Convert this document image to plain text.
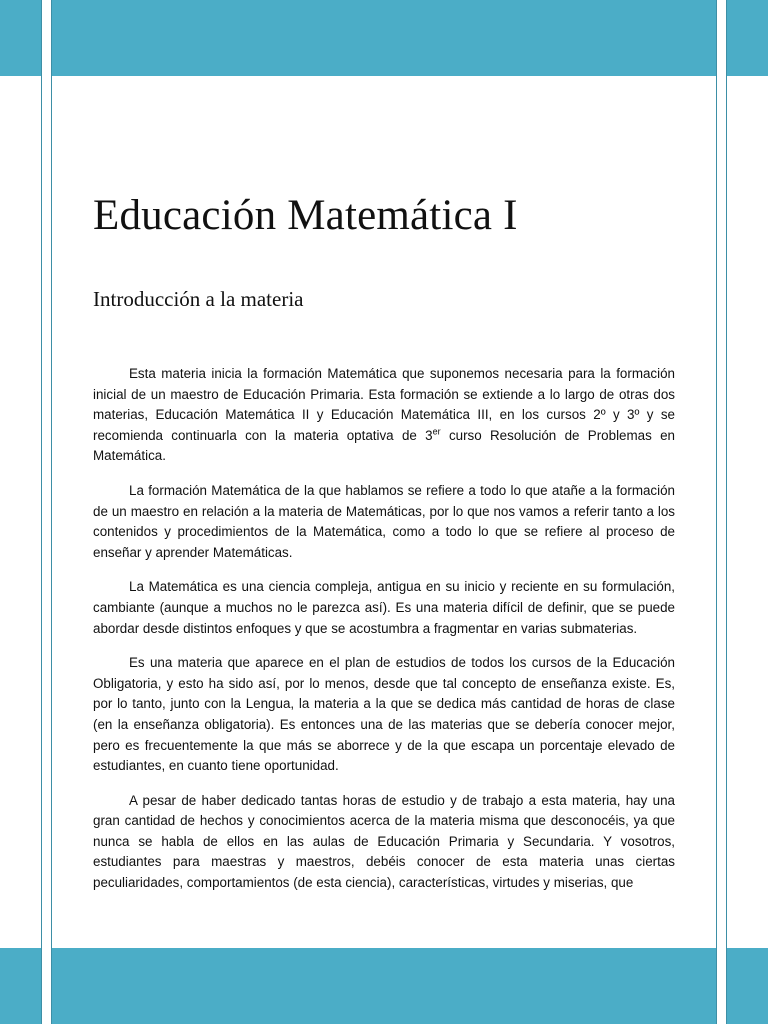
Educación Matemática I
Introducción a la materia

Esta materia inicia la formación Matemática que suponemos necesaria para la formación inicial de un maestro de Educación Primaria. Esta formación se extiende a lo largo de otras dos materias, Educación Matemática II y Educación Matemática III, en los cursos 2º y 3º y se recomienda continuarla con la materia optativa de 3er curso Resolución de Problemas en Matemática.

La formación Matemática de la que hablamos se refiere a todo lo que atañe a la formación de un maestro en relación a la materia de Matemáticas, por lo que nos vamos a referir tanto a los contenidos y procedimientos de la Matemática, como a todo lo que se refiere al proceso de enseñar y aprender Matemáticas.

La Matemática es una ciencia compleja, antigua en su inicio y reciente en su formulación, cambiante (aunque a muchos no le parezca así). Es una materia difícil de definir, que se puede abordar desde distintos enfoques y que se acostumbra a fragmentar en varias submaterias.

Es una materia que aparece en el plan de estudios de todos los cursos de la Educación Obligatoria, y esto ha sido así, por lo menos, desde que tal concepto de enseñanza existe. Es, por lo tanto, junto con la Lengua, la materia a la que se dedica más cantidad de horas de clase (en la enseñanza obligatoria). Es entonces una de las materias que se debería conocer mejor, pero es frecuentemente la que más se aborrece y de la que escapa un porcentaje elevado de estudiantes, en cuanto tiene oportunidad.

A pesar de haber dedicado tantas horas de estudio y de trabajo a esta materia, hay una gran cantidad de hechos y conocimientos acerca de la materia misma que desconocéis, ya que nunca se habla de ellos en las aulas de Educación Primaria y Secundaria. Y vosotros, estudiantes para maestras y maestros, debéis conocer de esta materia unas ciertas peculiaridades, comportamientos (de esta ciencia), características, virtudes y miserias, que
